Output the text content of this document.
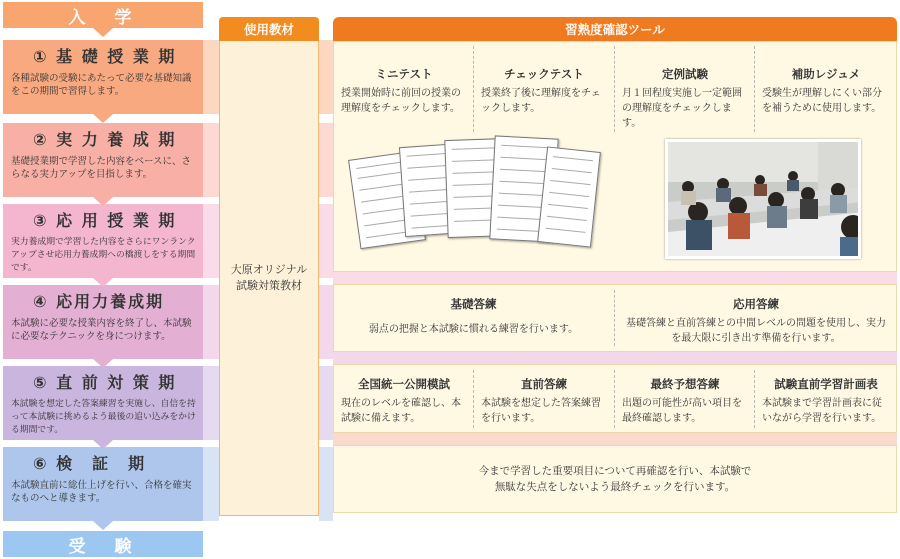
入　学
① 基 礎 授 業 期
各種試験の受験にあたって必要な基礎知識をこの期間で習得します。
② 実 力 養 成 期
基礎授業期で学習した内容をベースに、さらなる実力アップを目指します。
③ 応 用 授 業 期
実力養成期で学習した内容をさらにワンランクアップさせ応用力養成期への橋渡しをする期間です。
④ 応用力養成期
本試験に必要な授業内容を終了し、本試験に必要なテクニックを身につけます。
⑤ 直 前 対 策 期
本試験を想定した答案練習を実施し、自信を持って本試験に挑めるよう最後の追い込みをかける期間です。
⑥ 検　証　期
本試験直前に総仕上げを行い、合格を確実なものへと導きます。
受　験
使用教材
大原オリジナル
試験対策教材
習熟度確認ツール
ミニテスト
授業開始時に前回の授業の理解度をチェックします。
チェックテスト
授業終了後に理解度をチェックします。
定例試験
月１回程度実施し一定範囲の理解度をチェックします。
補助レジュメ
受験生が理解しにくい部分を補うために使用します。
基礎答練
弱点の把握と本試験に慣れる練習を行います。
応用答練
基礎答練と直前答練との中間レベルの問題を使用し、実力を最大限に引き出す準備を行います。
全国統一公開模試
現在のレベルを確認し、本試験に備えます。
直前答練
本試験を想定した答案練習を行います。
最終予想答練
出題の可能性が高い項目を最終確認します。
試験直前学習計画表
本試験まで学習計画表に従いながら学習を行います。
今まで学習した重要項目について再確認を行い、本試験で
無駄な失点をしないよう最終チェックを行います。
